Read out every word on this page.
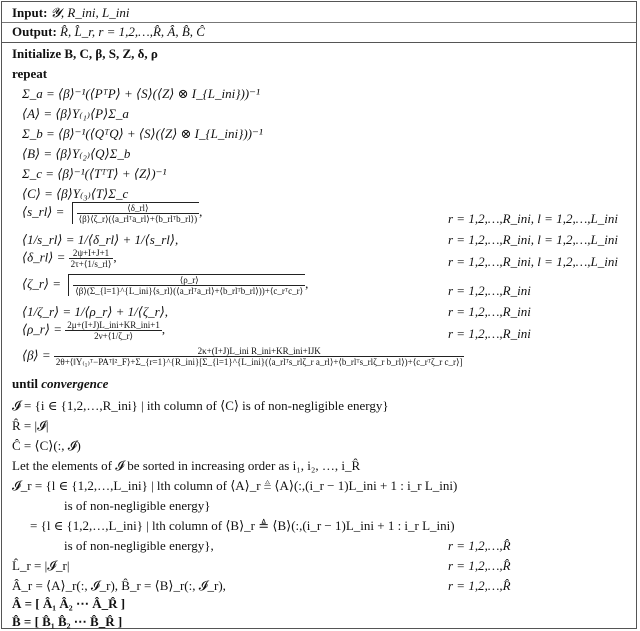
Input: 𝓨, R_ini, L_ini
Output: R̂, L̂_r, r = 1,2,…,R̂, Â, B̂, Ĉ
Initialize B, C, β, S, Z, δ, ρ
repeat
Σ_a = ⟨β⟩⁻¹(⟨PᵀP⟩ + ⟨S⟩(⟨Z⟩ ⊗ I_{L_ini}))⁻¹
⟨A⟩ = ⟨β⟩Y₍₁₎⟨P⟩Σ_a
Σ_b = ⟨β⟩⁻¹(⟨QᵀQ⟩ + ⟨S⟩(⟨Z⟩ ⊗ I_{L_ini}))⁻¹
⟨B⟩ = ⟨β⟩Y₍₂₎⟨Q⟩Σ_b
Σ_c = ⟨β⟩⁻¹(⟨TᵀT⟩ + ⟨Z⟩)⁻¹
⟨C⟩ = ⟨β⟩Y₍₃₎⟨T⟩Σ_c
⟨s_rl⟩ = $\frac{⟨\delta\_rl⟩}{\text{⟨β⟩⟨ζ\_r⟩(⟨a\_rlᵀa\_rl⟩+⟨b\_rlᵀb\_rl⟩)}}$ ,	r = 1,2,…,R_ini, l = 1,2,…,L_ini
⟨1/s_rl⟩ = 1/⟨δ_rl⟩ + 1/⟨s_rl⟩,	r = 1,2,…,R_ini, l = 1,2,…,L_ini
⟨δ_rl⟩ = $\frac{2\psi+I+J+1}{2\tau+⟨1/s\_rl⟩}$ ,	r = 1,2,…,R_ini, l = 1,2,…,L_ini
⟨ζ_r⟩ =	⟨ρ_r⟩
⟨β⟩(Σ_{l=1}^{L_ini}⟨s_rl⟩(⟨a_rlᵀa_rl⟩+⟨b_rlᵀb_rl⟩))+⟨c_rᵀc_r⟩
,	r = 1,2,…,R_ini
⟨1/ζ_r⟩ = 1/⟨ρ_r⟩ + 1/⟨ζ_r⟩,	r = 1,2,…,R_ini
⟨ρ_r⟩ = $\frac{\text{2μ+(I+J)L\_ini+KR\_ini+1}}{2\nu+⟨1/\zeta\_r⟩}$ ,	r = 1,2,…,R_ini
⟨β⟩ =	2κ+(I+J)L_ini R_ini+KR_ini+IJK
2θ+⟨‖Y₍₁₎ᵀ−PAᵀ‖²_F⟩+Σ_{r=1}^{R_ini}[Σ_{l=1}^{L_ini}(⟨a_rlᵀs_rlζ_r a_rl⟩+⟨b_rlᵀs_rlζ_r b_rl⟩)+⟨c_rᵀζ_r c_r⟩]
until convergence
𝓘 = {i ∈ {1,2,…,R_ini} | ith column of ⟨C⟩ is of non-negligible energy}
R̂ = |𝓘|
Ĉ = ⟨C⟩(:, 𝓘)
Let the elements of 𝓘 be sorted in increasing order as i₁, i₂, …, i_R̂
𝓘_r = {l ∈ {1,2,…,L_ini} | lth column of ⟨A⟩_r ≜ ⟨A⟩(:,(i_r − 1)L_ini + 1 : i_r L_ini)
is of non-negligible energy}
= {l ∈ {1,2,…,L_ini} | lth column of ⟨B⟩_r ≜ ⟨B⟩(:,(i_r − 1)L_ini + 1 : i_r L_ini)
is of non-negligible energy},	r = 1,2,…,R̂
L̂_r = |𝓘_r|	r = 1,2,…,R̂
Â_r = ⟨A⟩_r(:, 𝓘_r), B̂_r = ⟨B⟩_r(:, 𝓘_r),	r = 1,2,…,R̂
Â = [ Â₁ Â₂ ⋯ Â_R̂ ]
B̂ = [ B̂₁ B̂₂ ⋯ B̂_R̂ ]
